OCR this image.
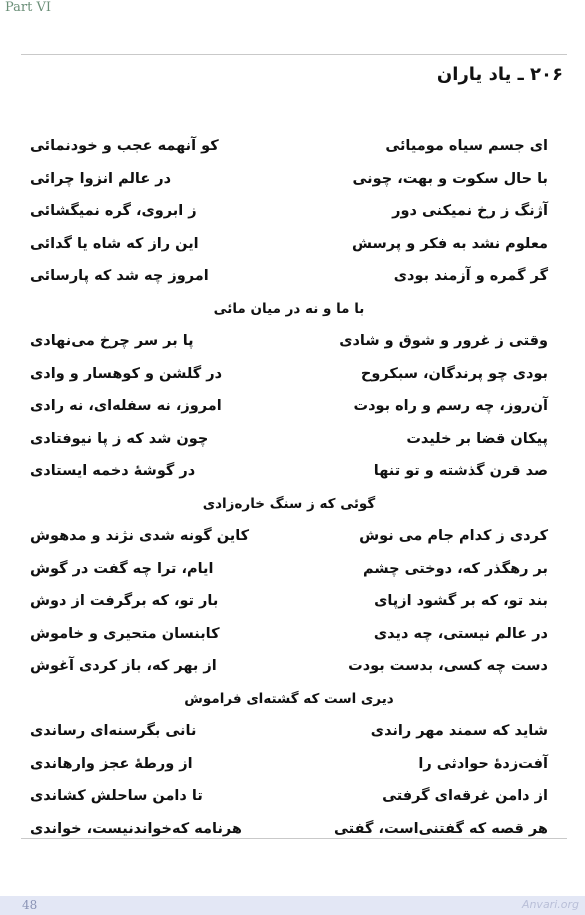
Part VI
۲۰۶ ـ یاد یاران
ای جسم سیاه مومیائی
کو آنهمه عجب و خودنمائی
با حال سکوت و بهت، چونی
در عالم انزوا چرائی
آژنگ ز رخ نمیکنی دور
ز ابروی، گره نمیگشائی
معلوم نشد به فکر و پرسش
این راز که شاه یا گدائی
گر گمره و آزمند بودی
امروز چه شد که پارسائی
با ما و نه در میان مائی
وقتی ز غرور و شوق و شادی
پا بر سر چرخ می‌نهادی
بودی چو پرندگان، سبکروح
در گلشن و کوهسار و وادی
آن‌روز، چه رسم و راه بودت
امروز، نه سفله‌ای، نه رادی
پیکان قضا بر خلیدت
چون شد که ز پا نیوفتادی
صد قرن گذشته و تو تنها
در گوشهٔ دخمه ایستادی
گوئی که ز سنگ خاره‌زادی
کردی ز کدام جام می نوش
کاین گونه شدی نژند و مدهوش
بر رهگذر که، دوختی چشم
ایام، ترا چه گفت در گوش
بند تو، که بر گشود ازپای
بار تو، که برگرفت از دوش
در عالم نیستی، چه دیدی
کابنسان متحیری و خاموش
دست چه کسی، بدست بودت
از بهر که، باز کردی آغوش
دیری است که گشته‌ای فراموش
شاید که سمند مهر راندی
نانی بگرسنه‌ای رساندی
آفت‌زدهٔ حوادثی را
از ورطهٔ عجز وارهاندی
از دامن غرقه‌ای گرفتی
تا دامن ساحلش کشاندی
هر قصه که گفتنی‌است، گفتی
هرنامه که‌خواندنیست، خواندی
48	Anvari.org
